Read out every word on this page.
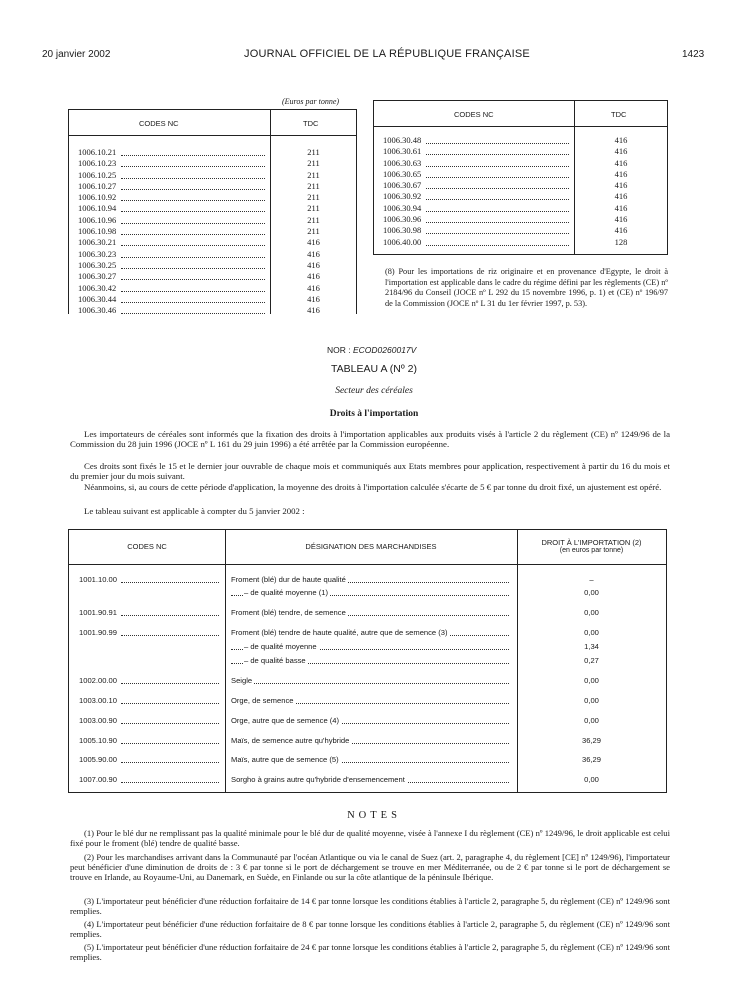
20 janvier 2002	JOURNAL OFFICIEL DE LA RÉPUBLIQUE FRANÇAISE	1423
(Euros par tonne)
CODES NC	TDC
1006.10.21	211
1006.10.23	211
1006.10.25	211
1006.10.27	211
1006.10.92	211
1006.10.94	211
1006.10.96	211
1006.10.98	211
1006.30.21	416
1006.30.23	416
1006.30.25	416
1006.30.27	416
1006.30.42	416
1006.30.44	416
1006.30.46	416
CODES NC	TDC
1006.30.48	416
1006.30.61	416
1006.30.63	416
1006.30.65	416
1006.30.67	416
1006.30.92	416
1006.30.94	416
1006.30.96	416
1006.30.98	416
1006.40.00	128
(8) Pour les importations de riz originaire et en provenance d'Egypte, le droit à l'importation est applicable dans le cadre du régime défini par les règlements (CE) nº 2184/96 du Conseil (JOCE nº L 292 du 15 novembre 1996, p. 1) et (CE) nº 196/97 de la Commission (JOCE nº L 31 du 1er février 1997, p. 53).
NOR : ECOD0260017V
TABLEAU A (Nº 2)
Secteur des céréales
Droits à l'importation
Les importateurs de céréales sont informés que la fixation des droits à l'importation applicables aux produits visés à l'article 2 du règlement (CE) nº 1249/96 de la Commission du 28 juin 1996 (JOCE nº L 161 du 29 juin 1996) a été arrêtée par la Commission européenne.
Ces droits sont fixés le 15 et le dernier jour ouvrable de chaque mois et communiqués aux Etats membres pour application, respectivement à partir du 16 du mois et du premier jour du mois suivant.
Néanmoins, si, au cours de cette période d'application, la moyenne des droits à l'importation calculée s'écarte de 5 € par tonne du droit fixé, un ajustement est opéré.
Le tableau suivant est applicable à compter du 5 janvier 2002 :
CODES NC	DÉSIGNATION DES MARCHANDISES	DROIT À L'IMPORTATION (2)
(en euros par tonne)
1001.10.00	Froment (blé) dur de haute qualité	–
– de qualité moyenne (1)	0,00
1001.90.91	Froment (blé) tendre, de semence	0,00
1001.90.99	Froment (blé) tendre de haute qualité, autre que de semence (3)	0,00
– de qualité moyenne	1,34
– de qualité basse	0,27
1002.00.00	Seigle	0,00
1003.00.10	Orge, de semence	0,00
1003.00.90	Orge, autre que de semence (4)	0,00
1005.10.90	Maïs, de semence autre qu'hybride	36,29
1005.90.00	Maïs, autre que de semence (5)	36,29
1007.00.90	Sorgho à grains autre qu'hybride d'ensemencement	0,00
NOTES
(1) Pour le blé dur ne remplissant pas la qualité minimale pour le blé dur de qualité moyenne, visée à l'annexe I du règlement (CE) nº 1249/96, le droit applicable est celui fixé pour le froment (blé) tendre de qualité basse.
(2) Pour les marchandises arrivant dans la Communauté par l'océan Atlantique ou via le canal de Suez (art. 2, paragraphe 4, du règlement [CE] nº 1249/96), l'importateur peut bénéficier d'une diminution de droits de : 3 € par tonne si le port de déchargement se trouve en mer Méditerranée, ou de 2 € par tonne si le port de déchargement se trouve en Irlande, au Royaume-Uni, au Danemark, en Suède, en Finlande ou sur la côte atlantique de la péninsule Ibérique.
(3) L'importateur peut bénéficier d'une réduction forfaitaire de 14 € par tonne lorsque les conditions établies à l'article 2, paragraphe 5, du règlement (CE) nº 1249/96 sont remplies.
(4) L'importateur peut bénéficier d'une réduction forfaitaire de 8 € par tonne lorsque les conditions établies à l'article 2, paragraphe 5, du règlement (CE) nº 1249/96 sont remplies.
(5) L'importateur peut bénéficier d'une réduction forfaitaire de 24 € par tonne lorsque les conditions établies à l'article 2, paragraphe 5, du règlement (CE) nº 1249/96 sont remplies.
